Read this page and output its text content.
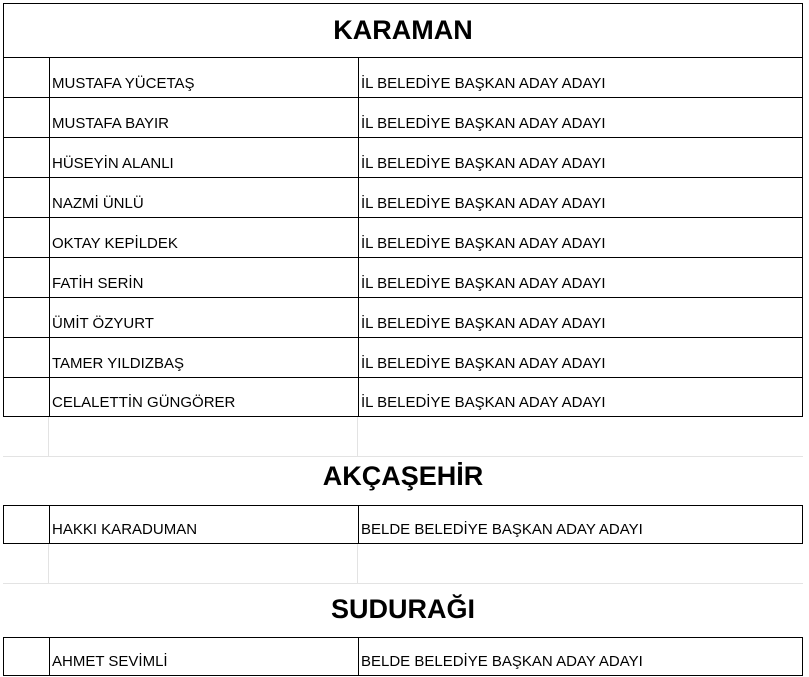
KARAMAN
MUSTAFA YÜCETAŞ	İL BELEDİYE BAŞKAN ADAY ADAYI
MUSTAFA BAYIR	İL BELEDİYE BAŞKAN ADAY ADAYI
HÜSEYİN ALANLI	İL BELEDİYE BAŞKAN ADAY ADAYI
NAZMİ ÜNLÜ	İL BELEDİYE BAŞKAN ADAY ADAYI
OKTAY KEPİLDEK	İL BELEDİYE BAŞKAN ADAY ADAYI
FATİH SERİN	İL BELEDİYE BAŞKAN ADAY ADAYI
ÜMİT ÖZYURT	İL BELEDİYE BAŞKAN ADAY ADAYI
TAMER YILDIZBAŞ	İL BELEDİYE BAŞKAN ADAY ADAYI
CELALETTİN GÜNGÖRER	İL BELEDİYE BAŞKAN ADAY ADAYI
AKÇAŞEHİR
HAKKI KARADUMAN	BELDE BELEDİYE BAŞKAN ADAY ADAYI
SUDURAĞI
AHMET SEVİMLİ	BELDE BELEDİYE BAŞKAN ADAY ADAYI
